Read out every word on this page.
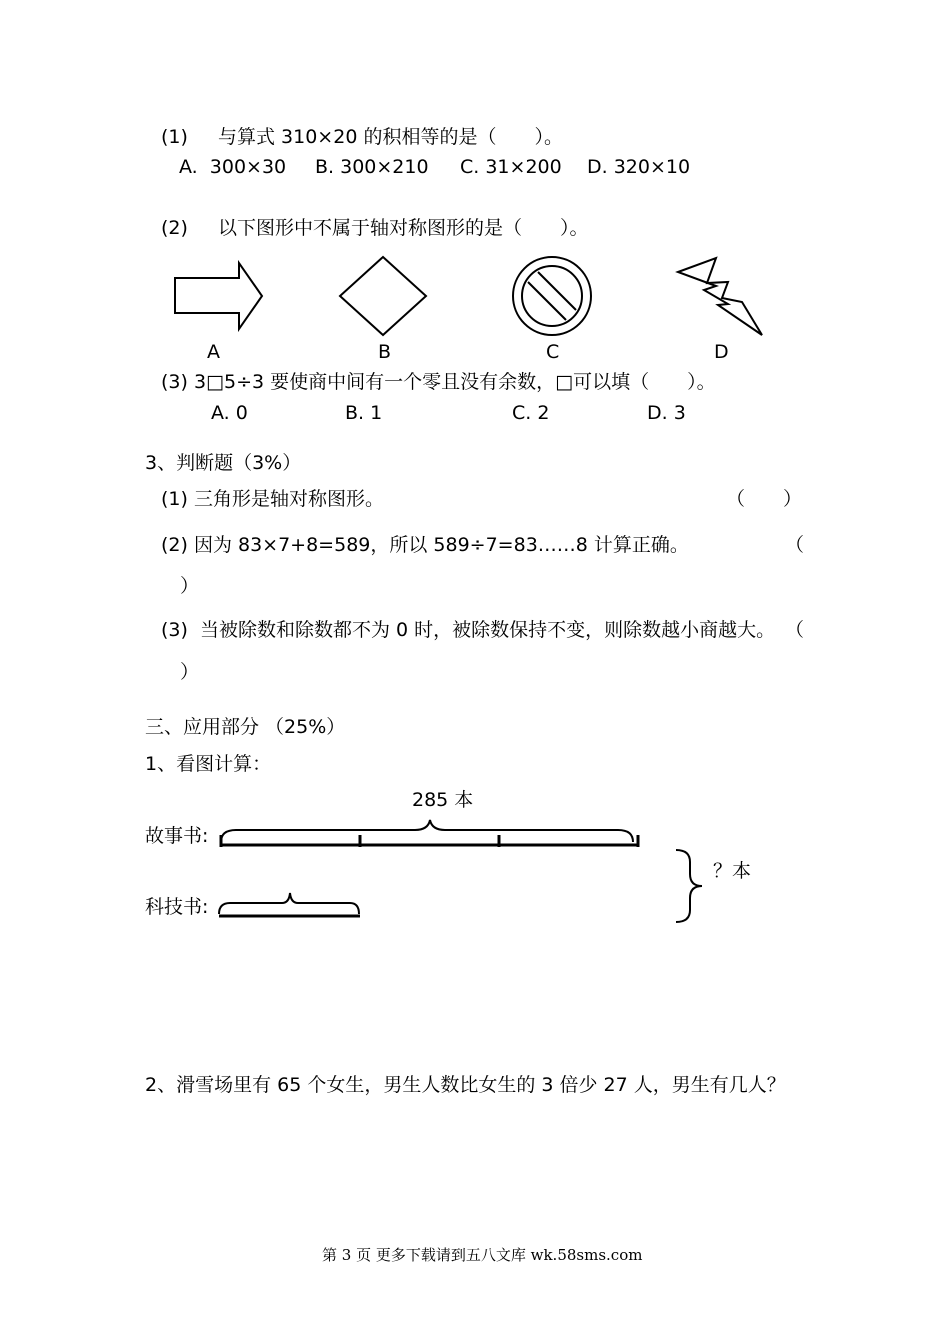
(1) 与算式 310×20 的积相等的是（　　）。
A.  300×30 B. 300×210 C. 31×200 D. 320×10
(2) 以下图形中不属于轴对称图形的是（　　）。
A	B	C	D
(3) 3□5÷3 要使商中间有一个零且没有余数，□可以填（　　）。
A. 0	B. 1	C. 2	D. 3
3、判断题（3%）
(1) 三角形是轴对称图形。	（　　）
(2) 因为 83×7+8=589，所以 589÷7=83……8 计算正确。	（
）
(3)  当被除数和除数都不为 0 时，被除数保持不变，则除数越小商越大。 （
）
三、应用部分 （25%）
1、看图计算：
285 本
故事书:
科技书:
？本
2、滑雪场里有 65 个女生，男生人数比女生的 3 倍少 27 人，男生有几人？
第 3 页 更多下载请到五八文库 wk.58sms.com
